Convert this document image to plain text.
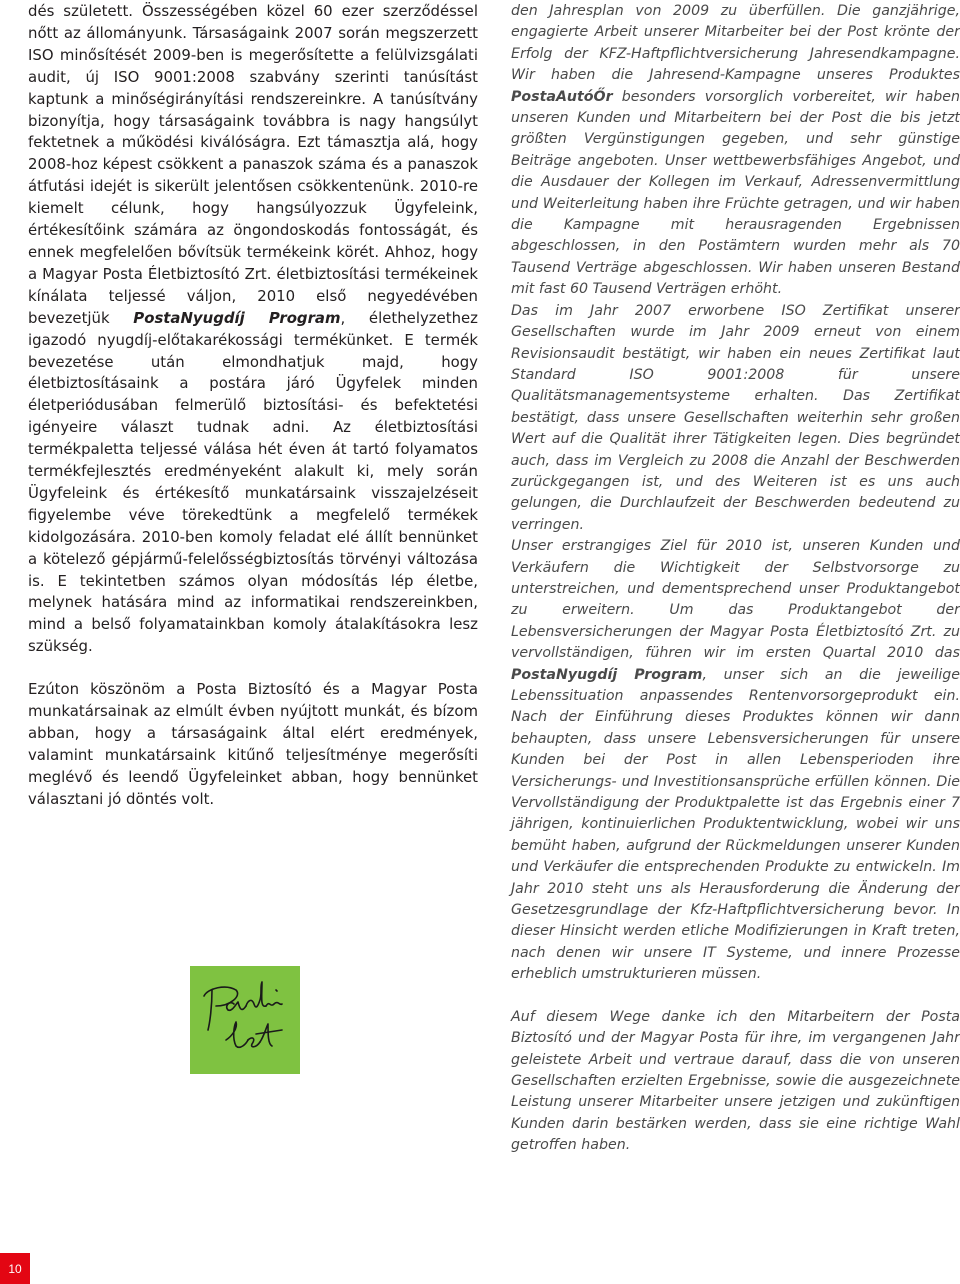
dés született. Összességében közel 60 ezer szerződéssel nőtt az állományunk. Társaságaink 2007 során megszerzett ISO minősítését 2009-ben is megerősítette a felülvizsgálati audit, új ISO 9001:2008 szabvány szerinti tanúsítást kaptunk a minőségirányítási rendszereinkre. A tanúsítvány bizonyítja, hogy társaságaink továbbra is nagy hangsúlyt fektetnek a működési kiválóságra. Ezt támasztja alá, hogy 2008-hoz képest csökkent a panaszok száma és a panaszok átfutási idejét is sikerült jelentősen csökkentenünk. 2010-re kiemelt célunk, hogy hangsúlyozzuk Ügyfeleink, értékesítőink számára az öngondoskodás fontosságát, és ennek megfelelően bővítsük termékeink körét. Ahhoz, hogy a Magyar Posta Életbiztosító Zrt. életbiztosítási termékeinek kínálata teljessé váljon, 2010 első negyedévében bevezetjük PostaNyugdíj Program, élethelyzethez igazodó nyugdíj-előtakarékossági termékünket. E termék bevezetése után elmondhatjuk majd, hogy életbiztosításaink a postára járó Ügyfelek minden életperiódusában felmerülő biztosítási- és befektetési igényeire választ tudnak adni. Az életbiztosítási termékpaletta teljessé válása hét éven át tartó folyamatos termékfejlesztés eredményeként alakult ki, mely során Ügyfeleink és értékesítő munkatársaink visszajelzéseit figyelembe véve törekedtünk a megfelelő termékek kidolgozására. 2010-ben komoly feladat elé állít bennünket a kötelező gépjármű-felelősségbiztosítás törvényi változása is. E tekintetben számos olyan módosítás lép életbe, melynek hatására mind az informatikai rendszereinkben, mind a belső folyamatainkban komoly átalakításokra lesz szükség.

Ezúton köszönöm a Posta Biztosító és a Magyar Posta munkatársainak az elmúlt évben nyújtott munkát, és bízom abban, hogy a társaságaink által elért eredmények, valamint munkatársaink kitűnő teljesítménye megerősíti meglévő és leendő Ügyfeleinket abban, hogy bennünket választani jó döntés volt.

den Jahresplan von 2009 zu überfüllen. Die ganzjährige, engagierte Arbeit unserer Mitarbeiter bei der Post krönte der Erfolg der KFZ-Haftpflichtversicherung Jahresendkampagne. Wir haben die Jahresend-Kampagne unseres Produktes PostaAutóŐr besonders vorsorglich vorbereitet, wir haben unseren Kunden und Mitarbeitern bei der Post die bis jetzt größten Vergünstigungen gegeben, und sehr günstige Beiträge angeboten. Unser wettbewerbsfähiges Angebot, und die Ausdauer der Kollegen im Verkauf, Adressenvermittlung und Weiterleitung haben ihre Früchte getragen, und wir haben die Kampagne mit herausragenden Ergebnissen abgeschlossen, in den Postämtern wurden mehr als 70 Tausend Verträge abgeschlossen. Wir haben unseren Bestand mit fast 60 Tausend Verträgen erhöht.

Das im Jahr 2007 erworbene ISO Zertifikat unserer Gesellschaften wurde im Jahr 2009 erneut von einem Revisionsaudit bestätigt, wir haben ein neues Zertifikat laut Standard ISO 9001:2008 für unsere Qualitätsmanagementsysteme erhalten. Das Zertifikat bestätigt, dass unsere Gesellschaften weiterhin sehr großen Wert auf die Qualität ihrer Tätigkeiten legen. Dies begründet auch, dass im Vergleich zu 2008 die Anzahl der Beschwerden zurückgegangen ist, und des Weiteren ist es uns auch gelungen, die Durchlaufzeit der Beschwerden bedeutend zu verringen.

Unser erstrangiges Ziel für 2010 ist, unseren Kunden und Verkäufern die Wichtigkeit der Selbstvorsorge zu unterstreichen, und dementsprechend unser Produktangebot zu erweitern. Um das Produktangebot der Lebensversicherungen der Magyar Posta Életbiztosító Zrt. zu vervollständigen, führen wir im ersten Quartal 2010 das PostaNyugdíj Program, unser sich an die jeweilige Lebenssituation anpassendes Rentenvorsorgeprodukt ein. Nach der Einführung dieses Produktes können wir dann behaupten, dass unsere Lebensversicherungen für unsere Kunden bei der Post in allen Lebensperioden ihre Versicherungs- und Investitionsansprüche erfüllen können. Die Vervollständigung der Produktpalette ist das Ergebnis einer 7 jährigen, kontinuierlichen Produktentwicklung, wobei wir uns bemüht haben, aufgrund der Rückmeldungen unserer Kunden und Verkäufer die entsprechenden Produkte zu entwickeln. Im Jahr 2010 steht uns als Herausforderung die Änderung der Gesetzesgrundlage der Kfz-Haftpflichtversicherung bevor. In dieser Hinsicht werden etliche Modifizierungen in Kraft treten, nach denen wir unsere IT Systeme, und innere Prozesse erheblich umstrukturieren müssen.

Auf diesem Wege danke ich den Mitarbeitern der Posta Biztosító und der Magyar Posta für ihre, im vergangenen Jahr geleistete Arbeit und vertraue darauf, dass die von unseren Gesellschaften erzielten Ergebnisse, sowie die ausgezeichnete Leistung unserer Mitarbeiter unsere jetzigen und zukünftigen Kunden darin bestärken werden, dass sie eine richtige Wahl getroffen haben.

10
